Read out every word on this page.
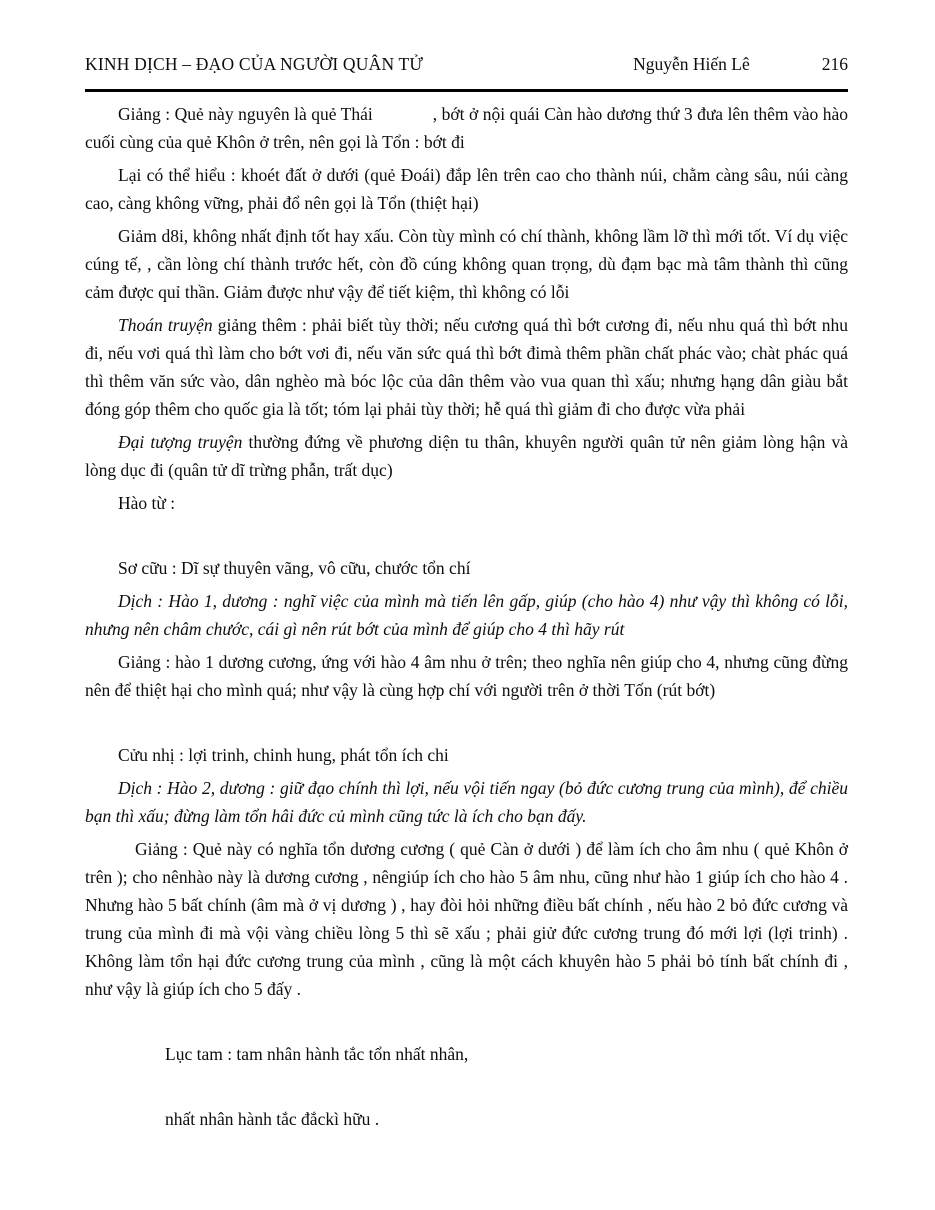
KINH DỊCH – ĐẠO CỦA NGƯỜI QUÂN TỬ	Nguyễn Hiến Lê	216

Giảng : Quẻ này nguyên là quẻ Thái	, bớt ở nội quái Càn hào dương thứ 3 đưa lên thêm vào hào cuối cùng của quẻ Khôn ở trên, nên gọi là Tổn : bớt đi

Lại có thể hiểu : khoét đất ở dưới (quẻ Đoái) đắp lên trên cao cho thành núi, chằm càng sâu, núi càng cao, càng không vững, phải đổ nên gọi là Tổn (thiệt hại)

Giảm d8i, không nhất định tốt hay xấu. Còn tùy mình có chí thành, không lầm lỡ thì mới tốt. Ví dụ việc cúng tế, , cần lòng chí thành trước hết, còn đồ cúng không quan trọng, dù đạm bạc mà tâm thành thì cũng cảm được quỉ thần. Giảm được như vậy để tiết kiệm, thì không có lỗi

Thoán truyện giảng thêm : phải biết tùy thời; nếu cương quá thì bớt cương đi, nếu nhu quá thì bớt nhu đi, nếu vơi quá thì làm cho bớt vơi đi, nếu văn sức quá thì bớt đimà thêm phần chất phác vào; chàt phác quá thì thêm văn sức vào, dân nghèo mà bóc lộc của dân thêm vào vua quan thì xấu; nhưng hạng dân giàu bắt đóng góp thêm cho quốc gia là tốt; tóm lại phải tùy thời; hễ quá thì giảm đi cho được vừa phải

Đại tượng truyện thường đứng về phương diện tu thân, khuyên người quân tử nên giảm lòng hận và lòng dục đi (quân tử dĩ trừng phẫn, trất dục)

Hào từ :

Sơ cữu : Dĩ sự thuyên vãng, vô cữu, chước tổn chí

Dịch : Hào 1, dương : nghĩ việc của mình mà tiến lên gấp, giúp (cho hào 4) như vậy thì không có lỗi, nhưng nên châm chước, cái gì nên rút bớt của mình để giúp cho 4 thì hãy rút

Giảng : hào 1 dương cương, ứng với hào 4 âm nhu ở trên; theo nghĩa nên giúp cho 4, nhưng cũng đừng nên để thiệt hại cho mình quá; như vậy là cùng hợp chí với người trên ở thời Tốn (rút bớt)

Cửu nhị : lợi trinh, chinh hung, phát tổn ích chi

Dịch : Hào 2, dương : giữ đạo chính thì lợi, nếu vội tiến ngay (bỏ đức cương trung của mình), để chiều bạn thì xấu; đừng làm tổn hâi đức củ mình cũng tức là ích cho bạn đấy.

Giảng : Quẻ này có nghĩa tổn dương cương ( quẻ Càn ở dưới ) để làm ích cho âm nhu ( quẻ Khôn ở trên ); cho nênhào này là dương cương , nêngiúp ích cho hào 5 âm nhu, cũng như hào 1 giúp ích cho hào 4 . Nhưng hào 5 bất chính (âm mà ở vị dương ) , hay đòi hỏi những điều bất chính , nếu hào 2 bỏ đức cương và trung của mình đi mà vội vàng chiều lòng 5 thì sẽ xấu ; phải giử đức cương trung đó mới lợi (lợi trinh) . Không làm tổn hại đức cương trung của mình , cũng là một cách khuyên hào 5 phải bỏ tính bất chính đi , như vậy là giúp ích cho 5 đấy .

Lục tam : tam nhân hành tắc tổn nhất nhân,

nhất nhân hành tắc đắckì hữu .
